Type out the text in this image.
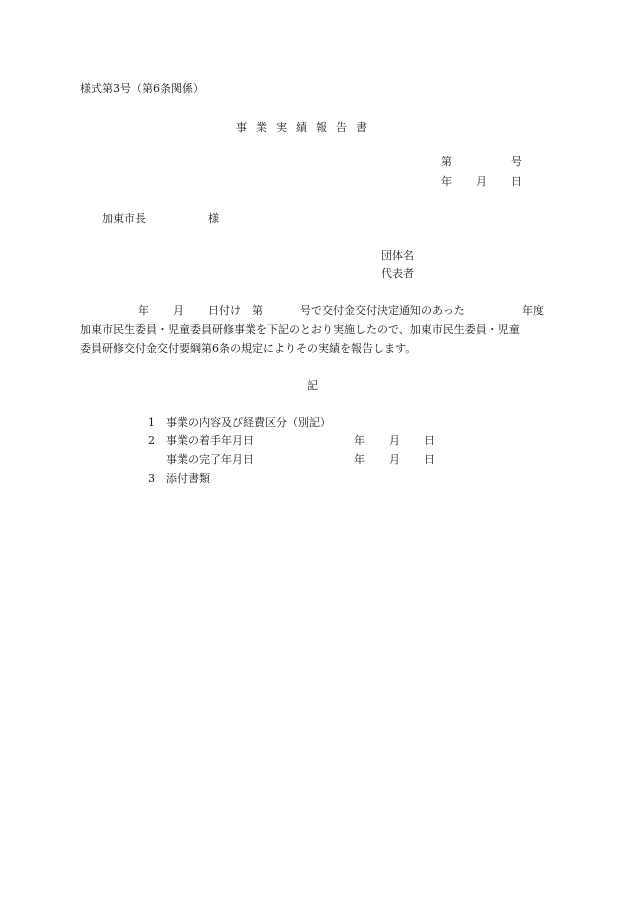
様式第3号（第6条関係）
事 業 実 績 報 告 書
第	号
年 月 日
加東市長	様
団体名
代表者
年 月 日付け　第	号で交付金交付決定通知のあった	年度
加東市民生委員・児童委員研修事業を下記のとおり実施したので、加東市民生委員・児童
委員研修交付金交付要綱第6条の規定によりその実績を報告します。
記
1 事業の内容及び経費区分（別記）
2 事業の着手年月日	年 月 日
事業の完了年月日	年 月 日
3 添付書類
